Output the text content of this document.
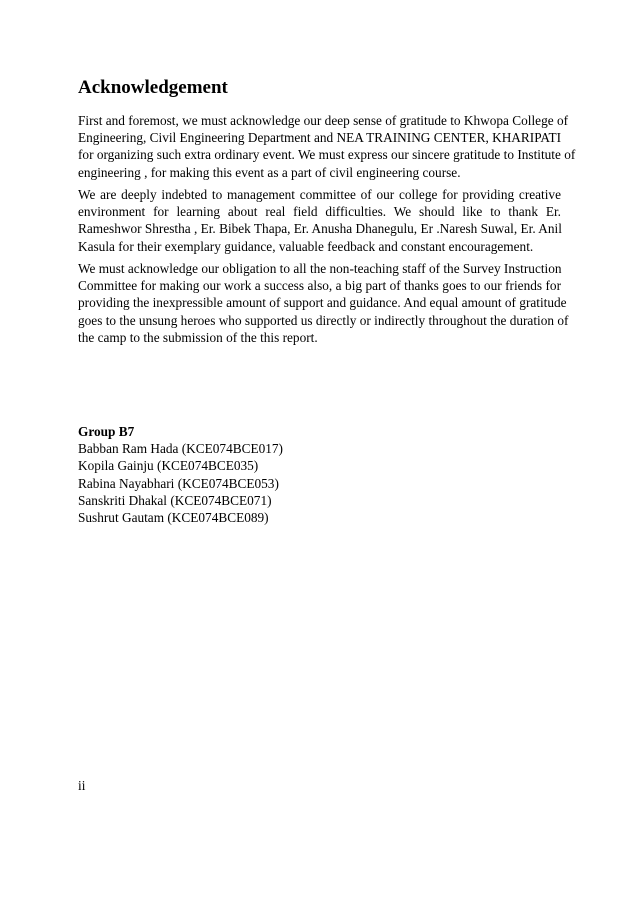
Acknowledgement

First and foremost, we must acknowledge our deep sense of gratitude to Khwopa College of
Engineering, Civil Engineering Department and NEA TRAINING CENTER, KHARIPATI
for organizing such extra ordinary event. We must express our sincere gratitude to Institute of
engineering , for making this event as a part of civil engineering course.

We are deeply indebted to management committee of our college for providing creative
environment for learning about real field difficulties. We should like to thank Er.
Rameshwor Shrestha , Er. Bibek Thapa, Er. Anusha Dhanegulu, Er .Naresh Suwal, Er. Anil
Kasula for their exemplary guidance, valuable feedback and constant encouragement.

We must acknowledge our obligation to all the non-teaching staff of the Survey Instruction
Committee for making our work a success also, a big part of thanks goes to our friends for
providing the inexpressible amount of support and guidance. And equal amount of gratitude
goes to the unsung heroes who supported us directly or indirectly throughout the duration of
the camp to the submission of the this report.

Group B7
Babban Ram Hada (KCE074BCE017)
Kopila Gainju (KCE074BCE035)
Rabina Nayabhari (KCE074BCE053)
Sanskriti Dhakal (KCE074BCE071)
Sushrut Gautam (KCE074BCE089)
ii
